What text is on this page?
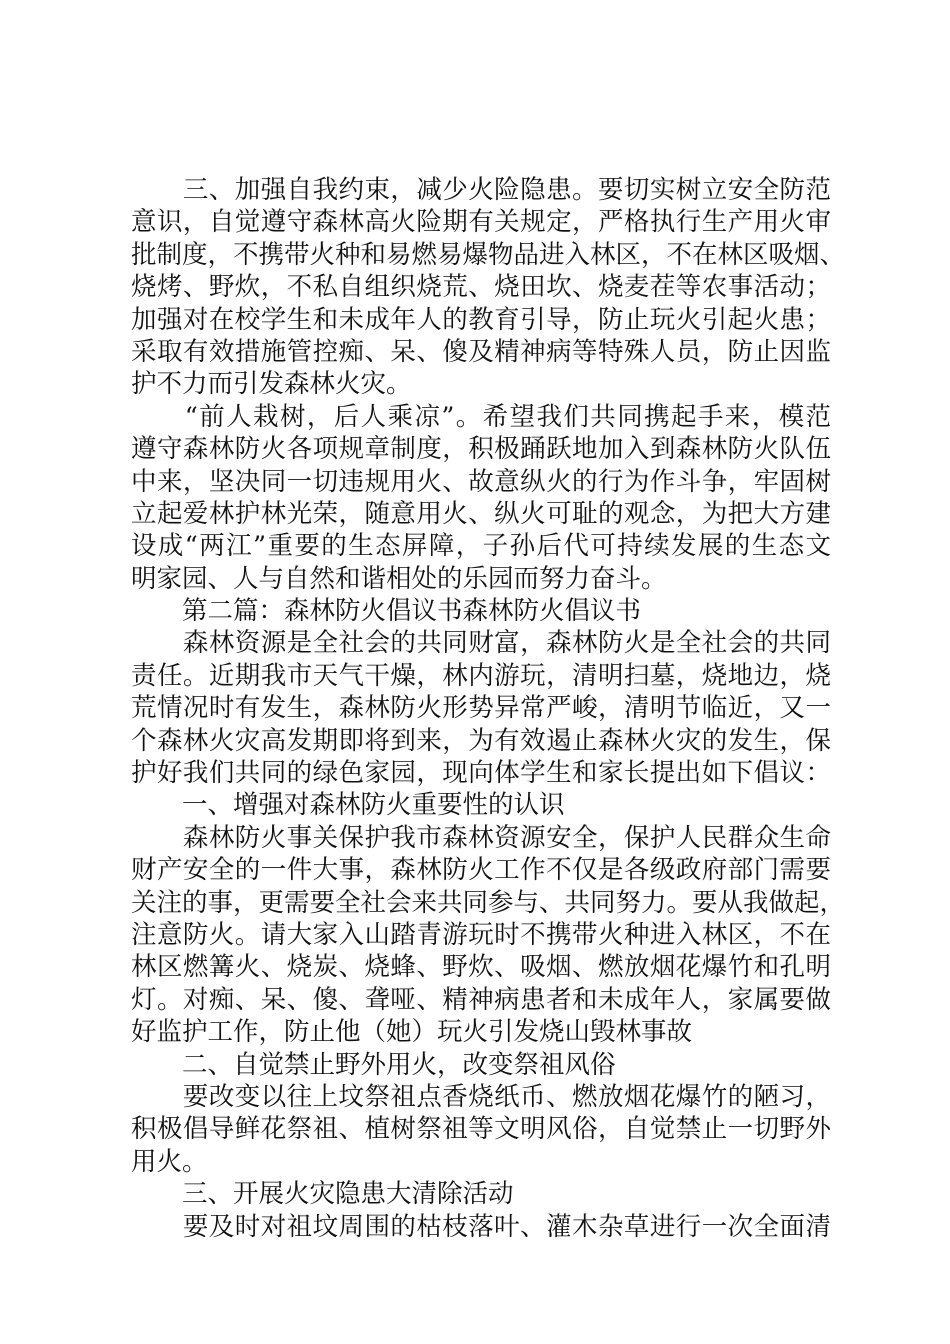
　　三、加强自我约束，减少火险隐患。要切实树立安全防范
意识，自觉遵守森林高火险期有关规定，严格执行生产用火审
批制度，不携带火种和易燃易爆物品进入林区，不在林区吸烟、
烧烤、野炊，不私自组织烧荒、烧田坎、烧麦茬等农事活动；
加强对在校学生和未成年人的教育引导，防止玩火引起火患；
采取有效措施管控痴、呆、傻及精神病等特殊人员，防止因监
护不力而引发森林火灾。
　　“前人栽树，后人乘凉”。希望我们共同携起手来，模范
遵守森林防火各项规章制度，积极踊跃地加入到森林防火队伍
中来，坚决同一切违规用火、故意纵火的行为作斗争，牢固树
立起爱林护林光荣，随意用火、纵火可耻的观念，为把大方建
设成“两江”重要的生态屏障，子孙后代可持续发展的生态文
明家园、人与自然和谐相处的乐园而努力奋斗。
　　第二篇：森林防火倡议书森林防火倡议书
　　森林资源是全社会的共同财富，森林防火是全社会的共同
责任。近期我市天气干燥，林内游玩，清明扫墓，烧地边，烧
荒情况时有发生，森林防火形势异常严峻，清明节临近，又一
个森林火灾高发期即将到来，为有效遏止森林火灾的发生，保
护好我们共同的绿色家园，现向体学生和家长提出如下倡议：
　　一、增强对森林防火重要性的认识
　　森林防火事关保护我市森林资源安全，保护人民群众生命
财产安全的一件大事，森林防火工作不仅是各级政府部门需要
关注的事，更需要全社会来共同参与、共同努力。要从我做起，
注意防火。请大家入山踏青游玩时不携带火种进入林区，不在
林区燃篝火、烧炭、烧蜂、野炊、吸烟、燃放烟花爆竹和孔明
灯。对痴、呆、傻、聋哑、精神病患者和未成年人，家属要做
好监护工作，防止他（她）玩火引发烧山毁林事故
　　二、自觉禁止野外用火，改变祭祖风俗
　　要改变以往上坟祭祖点香烧纸币、燃放烟花爆竹的陋习，
积极倡导鲜花祭祖、植树祭祖等文明风俗，自觉禁止一切野外
用火。
　　三、开展火灾隐患大清除活动
　　要及时对祖坟周围的枯枝落叶、灌木杂草进行一次全面清
